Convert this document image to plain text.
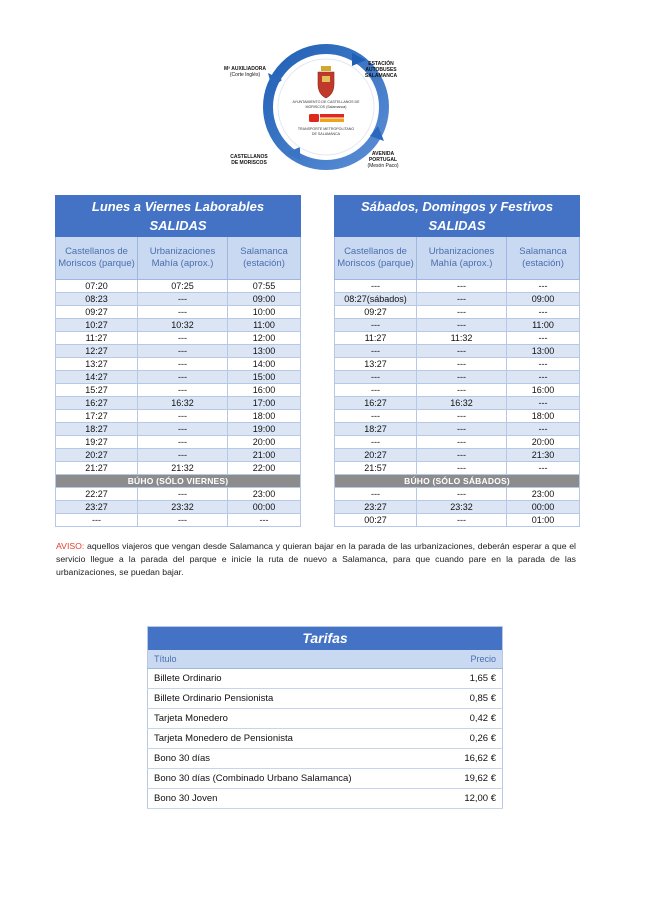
Mª AUXILIADORA

(Corte Inglés)

ESTACIÓN
AUTOBUSES
SALAMANCA

CASTELLANOS
DE MORISCOS

AVENIDA
PORTUGAL

(Mesón Paco)

AYUNTAMIENTO DE CASTELLANOS DE
MORISCOS (Salamanca)
TRANSPORTE
PÚBLICO
TRANSPORTE METROPOLITANO
DE SALAMANCA
Lunes a Viernes Laborables
SALIDAS		
Castellanos de Moriscos (parque)	Urbanizaciones Mahía (aprox.)	Salamanca (estación)
07:20	07:25	07:55
08:23	---	09:00
09:27	---	10:00
10:27	10:32	11:00
11:27	---	12:00
12:27	---	13:00
13:27	---	14:00
14:27	---	15:00
15:27	---	16:00
16:27	16:32	17:00
17:27	---	18:00
18:27	---	19:00
19:27	---	20:00
20:27	---	21:00
21:27	21:32	22:00
BÚHO (SÓLO VIERNES)		
22:27	---	23:00
23:27	23:32	00:00
---	---	---
Sábados, Domingos y Festivos
SALIDAS		
Castellanos de Moriscos (parque)	Urbanizaciones Mahía (aprox.)	Salamanca (estación)
---	---	---
08:27(sábados)	---	09:00
09:27	---	---
---	---	11:00
11:27	11:32	---
---	---	13:00
13:27	---	---
---	---	---
---	---	16:00
16:27	16:32	---
---	---	18:00
18:27	---	---
---	---	20:00
20:27	---	21:30
21:57	---	---
BÚHO (SÓLO SÁBADOS)		
---	---	23:00
23:27	23:32	00:00
00:27	---	01:00
AVISO: aquellos viajeros que vengan desde Salamanca y quieran bajar en la parada de las urbanizaciones, deberán esperar a que el servicio llegue a la parada del parque e inicie la ruta de nuevo a Salamanca, para que cuando pare en la parada de las urbanizaciones, se puedan bajar.
Tarifas	
Título	Precio
Billete Ordinario	1,65 €
Billete Ordinario Pensionista	0,85 €
Tarjeta Monedero	0,42 €
Tarjeta Monedero de Pensionista	0,26 €
Bono 30 días	16,62 €
Bono 30 días (Combinado Urbano Salamanca)	19,62 €
Bono 30 Joven	12,00 €
